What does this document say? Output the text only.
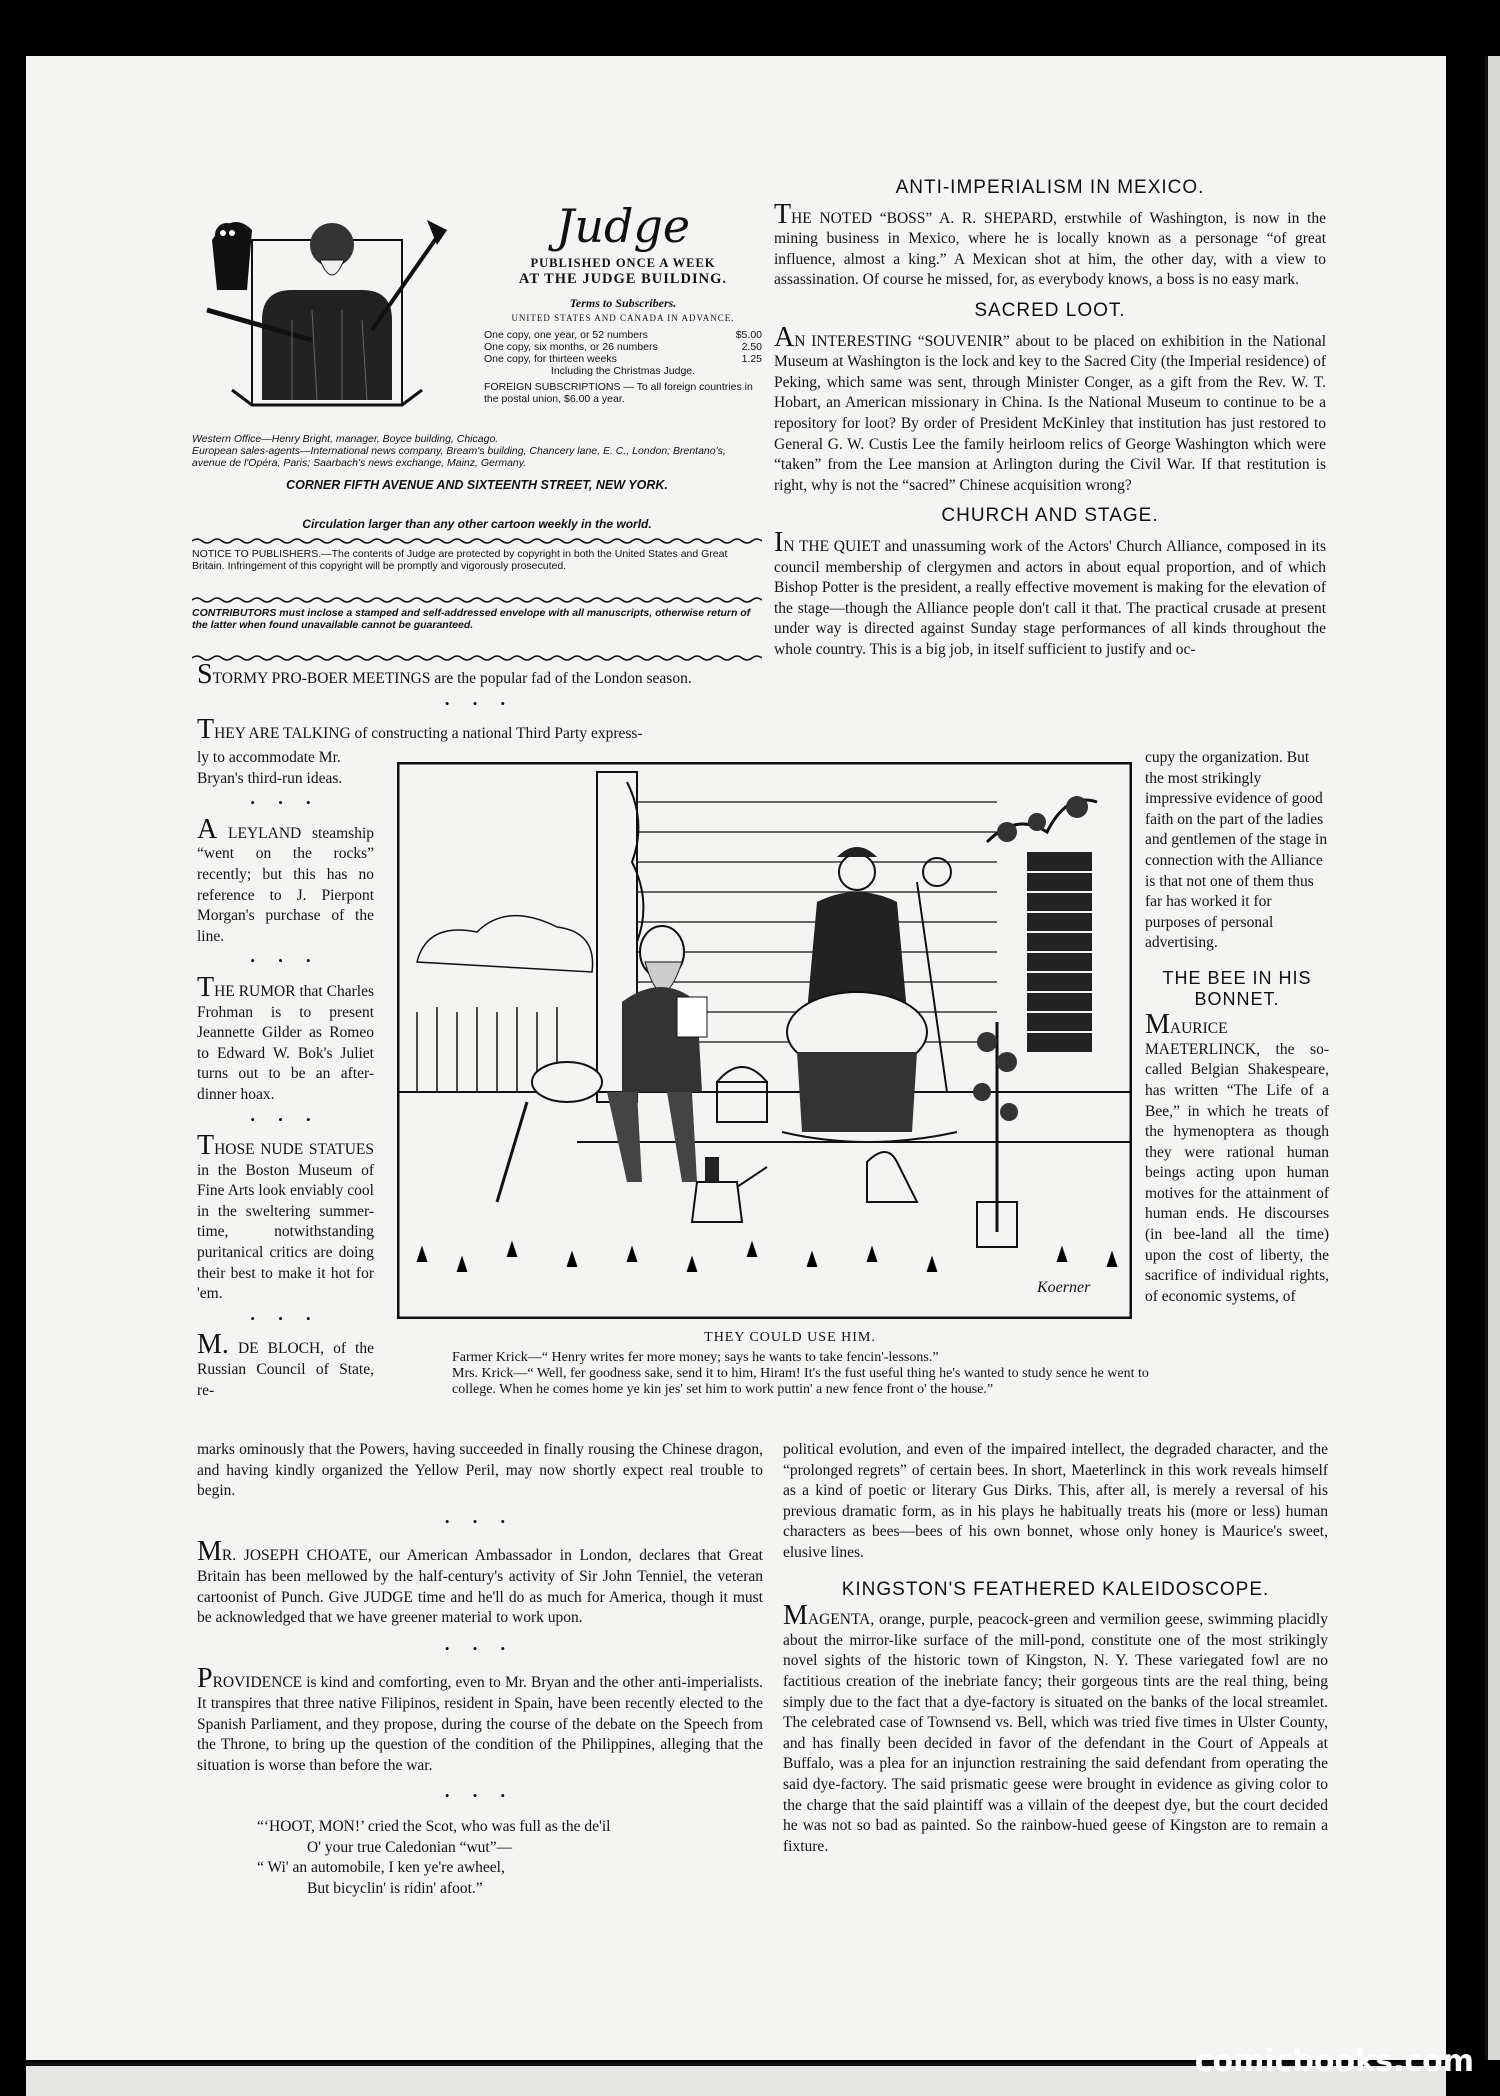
Judge

PUBLISHED ONCE A WEEK

AT THE JUDGE BUILDING.

Terms to Subscribers.

UNITED STATES AND CANADA IN ADVANCE.

One copy, one year, or 52 numbers	$5.00
One copy, six months, or 26 numbers	2.50
One copy, for thirteen weeks	1.25
Including the Christmas Judge.
FOREIGN SUBSCRIPTIONS — To all foreign countries in the postal union, $6.00 a year.
Western Office—Henry Bright, manager, Boyce building, Chicago.
European sales-agents—International news company, Bream's building, Chancery lane, E. C., London; Brentano's, avenue de l'Opéra, Paris; Saarbach's news exchange, Mainz, Germany.
CORNER FIFTH AVENUE AND SIXTEENTH STREET, NEW YORK.
Circulation larger than any other cartoon weekly in the world.
NOTICE TO PUBLISHERS.—The contents of Judge are protected by copyright in both the United States and Great Britain. Infringement of this copyright will be promptly and vigorously prosecuted.
CONTRIBUTORS must inclose a stamped and self-addressed envelope with all manuscripts, otherwise return of the latter when found unavailable cannot be guaranteed.

STORMY PRO-BOER MEETINGS are the popular fad of the London season.

• • •

THEY ARE TALKING of constructing a national Third Party express-

ly to accommodate Mr. Bryan's third-run ideas.

• • •

A LEYLAND steamship “went on the rocks” recently; but this has no reference to J. Pierpont Morgan's purchase of the line.

• • •

THE RUMOR that Charles Frohman is to present Jeannette Gilder as Romeo to Edward W. Bok's Juliet turns out to be an after-dinner hoax.

• • •

THOSE NUDE STATUES in the Boston Museum of Fine Arts look enviably cool in the sweltering summer-time, notwithstanding puritanical critics are doing their best to make it hot for 'em.

• • •

M. DE BLOCH, of the Russian Council of State, re-

Koerner
THEY COULD USE HIM.
Farmer Krick—“ Henry writes fer more money; says he wants to take fencin'-lessons.”
Mrs. Krick—“ Well, fer goodness sake, send it to him, Hiram! It's the fust useful thing he's wanted to study sence he went to college. When he comes home ye kin jes' set him to work puttin' a new fence front o' the house.”

marks ominously that the Powers, having succeeded in finally rousing the Chinese dragon, and having kindly organized the Yellow Peril, may now shortly expect real trouble to begin.

• • •

MR. JOSEPH CHOATE, our American Ambassador in London, declares that Great Britain has been mellowed by the half-century's activity of Sir John Tenniel, the veteran cartoonist of Punch. Give JUDGE time and he'll do as much for America, though it must be acknowledged that we have greener material to work upon.

• • •

PROVIDENCE is kind and comforting, even to Mr. Bryan and the other anti-imperialists. It transpires that three native Filipinos, resident in Spain, have been recently elected to the Spanish Parliament, and they propose, during the course of the debate on the Speech from the Throne, to bring up the question of the condition of the Philippines, alleging that the situation is worse than before the war.

• • •
“‘HOOT, MON!’ cried the Scot, who was full as the de'il
O' your true Caledonian “wut”—
“ Wi' an automobile, I ken ye're awheel,
But bicyclin' is ridin' afoot.”
ANTI-IMPERIALISM IN MEXICO.

THE NOTED “BOSS” A. R. SHEPARD, erstwhile of Washington, is now in the mining business in Mexico, where he is locally known as a personage “of great influence, almost a king.” A Mexican shot at him, the other day, with a view to assassination. Of course he missed, for, as everybody knows, a boss is no easy mark.

SACRED LOOT.

AN INTERESTING “SOUVENIR” about to be placed on exhibition in the National Museum at Washington is the lock and key to the Sacred City (the Imperial residence) of Peking, which same was sent, through Minister Conger, as a gift from the Rev. W. T. Hobart, an American missionary in China. Is the National Museum to continue to be a repository for loot? By order of President McKinley that institution has just restored to General G. W. Custis Lee the family heirloom relics of George Washington which were “taken” from the Lee mansion at Arlington during the Civil War. If that restitution is right, why is not the “sacred” Chinese acquisition wrong?

CHURCH AND STAGE.

IN THE QUIET and unassuming work of the Actors' Church Alliance, composed in its council membership of clergymen and actors in about equal proportion, and of which Bishop Potter is the president, a really effective movement is making for the elevation of the stage—though the Alliance people don't call it that. The practical crusade at present under way is directed against Sunday stage performances of all kinds throughout the whole country. This is a big job, in itself sufficient to justify and oc-

cupy the organization. But the most strikingly impressive evidence of good faith on the part of the ladies and gentlemen of the stage in connection with the Alliance is that not one of them thus far has worked it for purposes of personal advertising.

THE BEE IN HIS BONNET.

MAURICE MAETERLINCK, the so-called Belgian Shakespeare, has written “The Life of a Bee,” in which he treats of the hymenoptera as though they were rational human beings acting upon human motives for the attainment of human ends. He discourses (in bee-land all the time) upon the cost of liberty, the sacrifice of individual rights, of economic systems, of

political evolution, and even of the impaired intellect, the degraded character, and the “prolonged regrets” of certain bees. In short, Maeterlinck in this work reveals himself as a kind of poetic or literary Gus Dirks. This, after all, is merely a reversal of his previous dramatic form, as in his plays he habitually treats his (more or less) human characters as bees—bees of his own bonnet, whose only honey is Maurice's sweet, elusive lines.

KINGSTON'S FEATHERED KALEIDOSCOPE.

MAGENTA, orange, purple, peacock-green and vermilion geese, swimming placidly about the mirror-like surface of the mill-pond, constitute one of the most strikingly novel sights of the historic town of Kingston, N. Y. These variegated fowl are no factitious creation of the inebriate fancy; their gorgeous tints are the real thing, being simply due to the fact that a dye-factory is situated on the banks of the local streamlet. The celebrated case of Townsend vs. Bell, which was tried five times in Ulster County, and has finally been decided in favor of the defendant in the Court of Appeals at Buffalo, was a plea for an injunction restraining the said defendant from operating the said dye-factory. The said prismatic geese were brought in evidence as giving color to the charge that the said plaintiff was a villain of the deepest dye, but the court decided he was not so bad as painted. So the rainbow-hued geese of Kingston are to remain a fixture.

comicbooks.com
